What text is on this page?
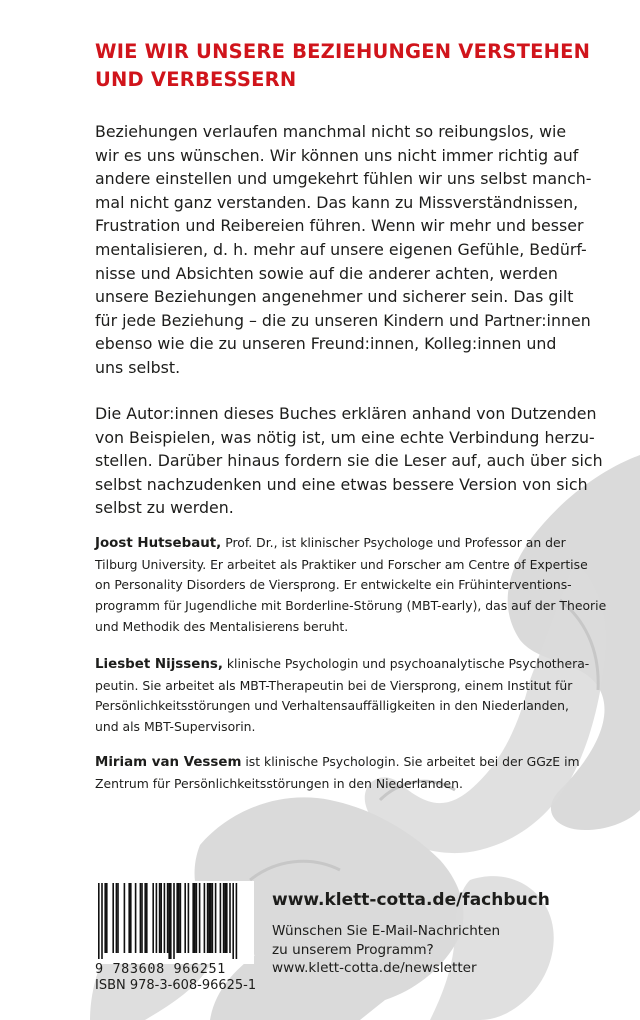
WIE WIR UNSERE BEZIEHUNGEN VERSTEHEN
UND VERBESSERN

Beziehungen verlaufen manchmal nicht so reibungslos, wie
wir es uns wünschen. Wir können uns nicht immer richtig auf
andere einstellen und umgekehrt fühlen wir uns selbst manch-
mal nicht ganz verstanden. Das kann zu Missverständnissen,
Frustration und Reibereien führen. Wenn wir mehr und besser
mentalisieren, d. h. mehr auf unsere eigenen Gefühle, Bedürf-
nisse und Absichten sowie auf die anderer achten, werden
unsere Beziehungen angenehmer und sicherer sein. Das gilt
für jede Beziehung – die zu unseren Kindern und Partner:innen
ebenso wie die zu unseren Freund:innen, Kolleg:innen und
uns selbst.

Die Autor:innen dieses Buches erklären anhand von Dutzenden
von Beispielen, was nötig ist, um eine echte Verbindung herzu-
stellen. Darüber hinaus fordern sie die Leser auf, auch über sich
selbst nachzudenken und eine etwas bessere Version von sich
selbst zu werden.

Joost Hutsebaut, Prof. Dr., ist klinischer Psychologe und Professor an der
Tilburg University. Er arbeitet als Praktiker und Forscher am Centre of Expertise
on Personality Disorders de Viersprong. Er entwickelte ein Frühinterventions-
programm für Jugendliche mit Borderline-Störung (MBT-early), das auf der Theorie
und Methodik des Mentalisierens beruht.

Liesbet Nijssens, klinische Psychologin und psychoanalytische Psychothera-
peutin. Sie arbeitet als MBT-Therapeutin bei de Viersprong, einem Institut für
Persönlichkeitsstörungen und Verhaltensauffälligkeiten in den Niederlanden,
und als MBT-Supervisorin.

Miriam van Vessem ist klinische Psychologin. Sie arbeitet bei der GGzE im
Zentrum für Persönlichkeitsstörungen in den Niederlanden.

9 783608 966251
ISBN 978-3-608-96625-1
www.klett-cotta.de/fachbuch
Wünschen Sie E-Mail-Nachrichten
zu unserem Programm?
www.klett-cotta.de/newsletter
